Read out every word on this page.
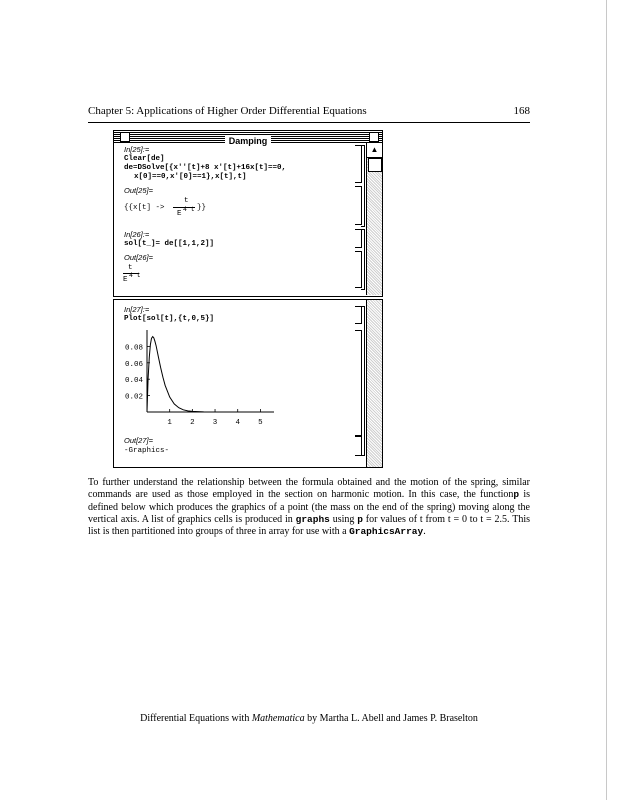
Chapter 5: Applications of Higher Order Differential Equations	168
Damping
In[25]:=
Clear[de]
de=DSolve[{x''[t]+8 x'[t]+16x[t]==0,
x[0]==0,x'[0]==1},x[t],t]
Out[25]=
{{x[t] ->
t
E
4 t }}
In[26]:=
sol[t_]= de[[1,1,2]]
Out[26]=
t
E
4 t
▲
In[27]:=
Plot[sol[t],{t,0,5}]
1 2 3 4 5
0.08
0.06
0.04
0.02
Out[27]=
-Graphics-
To further understand the relationship between the formula obtained and the motion of the spring, similar commands are used as those employed in the section on harmonic motion. In this case, the functionp is defined below which produces the graphics of a point (the mass on the end of the spring) moving along the vertical axis. A list of graphics cells is produced in graphs using p for values of t from t = 0 to t = 2.5. This list is then partitioned into groups of three in array for use with a GraphicsArray.
Differential Equations with Mathematica by Martha L. Abell and James P. Braselton
